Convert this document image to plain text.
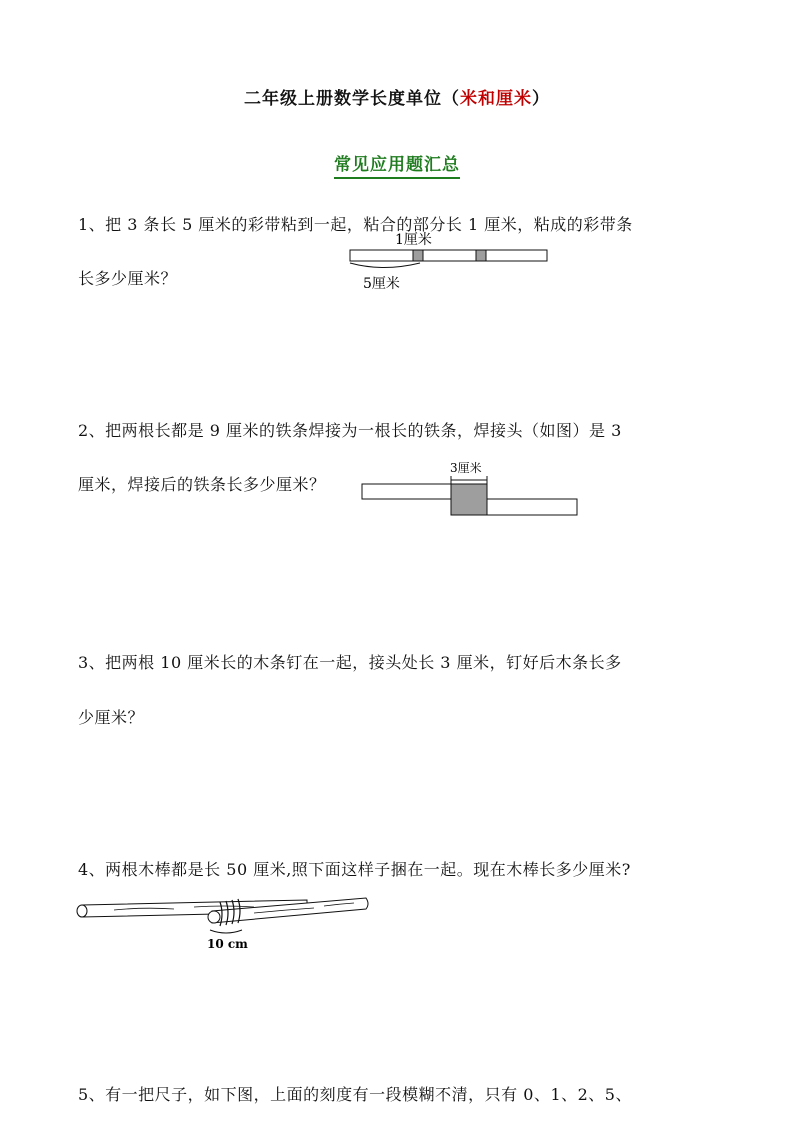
二年级上册数学长度单位（米和厘米）
常见应用题汇总
1、把 3 条长 5 厘米的彩带粘到一起，粘合的部分长 1 厘米，粘成的彩带条
长多少厘米？
1厘米
5厘米
2、把两根长都是 9 厘米的铁条焊接为一根长的铁条，焊接头（如图）是 3
厘米，焊接后的铁条长多少厘米？
3厘米
3、把两根 10 厘米长的木条钉在一起，接头处长 3 厘米，钉好后木条长多
少厘米？
4、两根木棒都是长 50 厘米,照下面这样子捆在一起。现在木棒长多少厘米?
10 cm
5、有一把尺子，如下图，上面的刻度有一段模糊不清，只有 0、1、2、5、
